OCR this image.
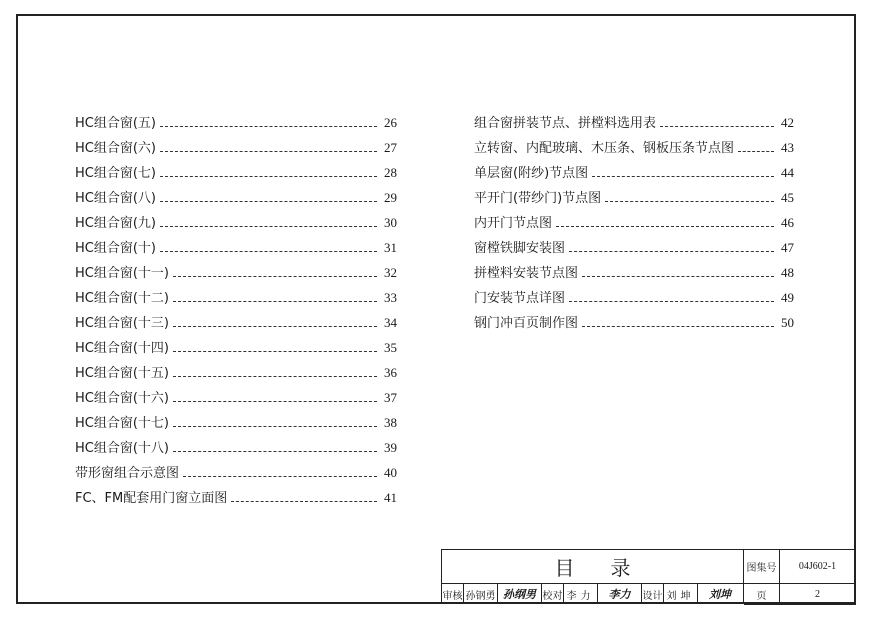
HC组合窗(五)	26
HC组合窗(六)	27
HC组合窗(七)	28
HC组合窗(八)	29
HC组合窗(九)	30
HC组合窗(十)	31
HC组合窗(十一)	32
HC组合窗(十二)	33
HC组合窗(十三)	34
HC组合窗(十四)	35
HC组合窗(十五)	36
HC组合窗(十六)	37
HC组合窗(十七)	38
HC组合窗(十八)	39
带形窗组合示意图	40
FC、FM配套用门窗立面图	41
组合窗拼装节点、拼樘料选用表	42
立转窗、内配玻璃、木压条、钢板压条节点图	43
单层窗(附纱)节点图	44
平开门(带纱门)节点图	45
内开门节点图	46
窗樘铁脚安装图	47
拼樘料安装节点图	48
门安装节点详图	49
钢门冲百页制作图	50
目录	图集号	04J602-1
页	2
审核 孙钢勇 孙纲男 校对 李力	李力	设计 刘坤	刘坤
